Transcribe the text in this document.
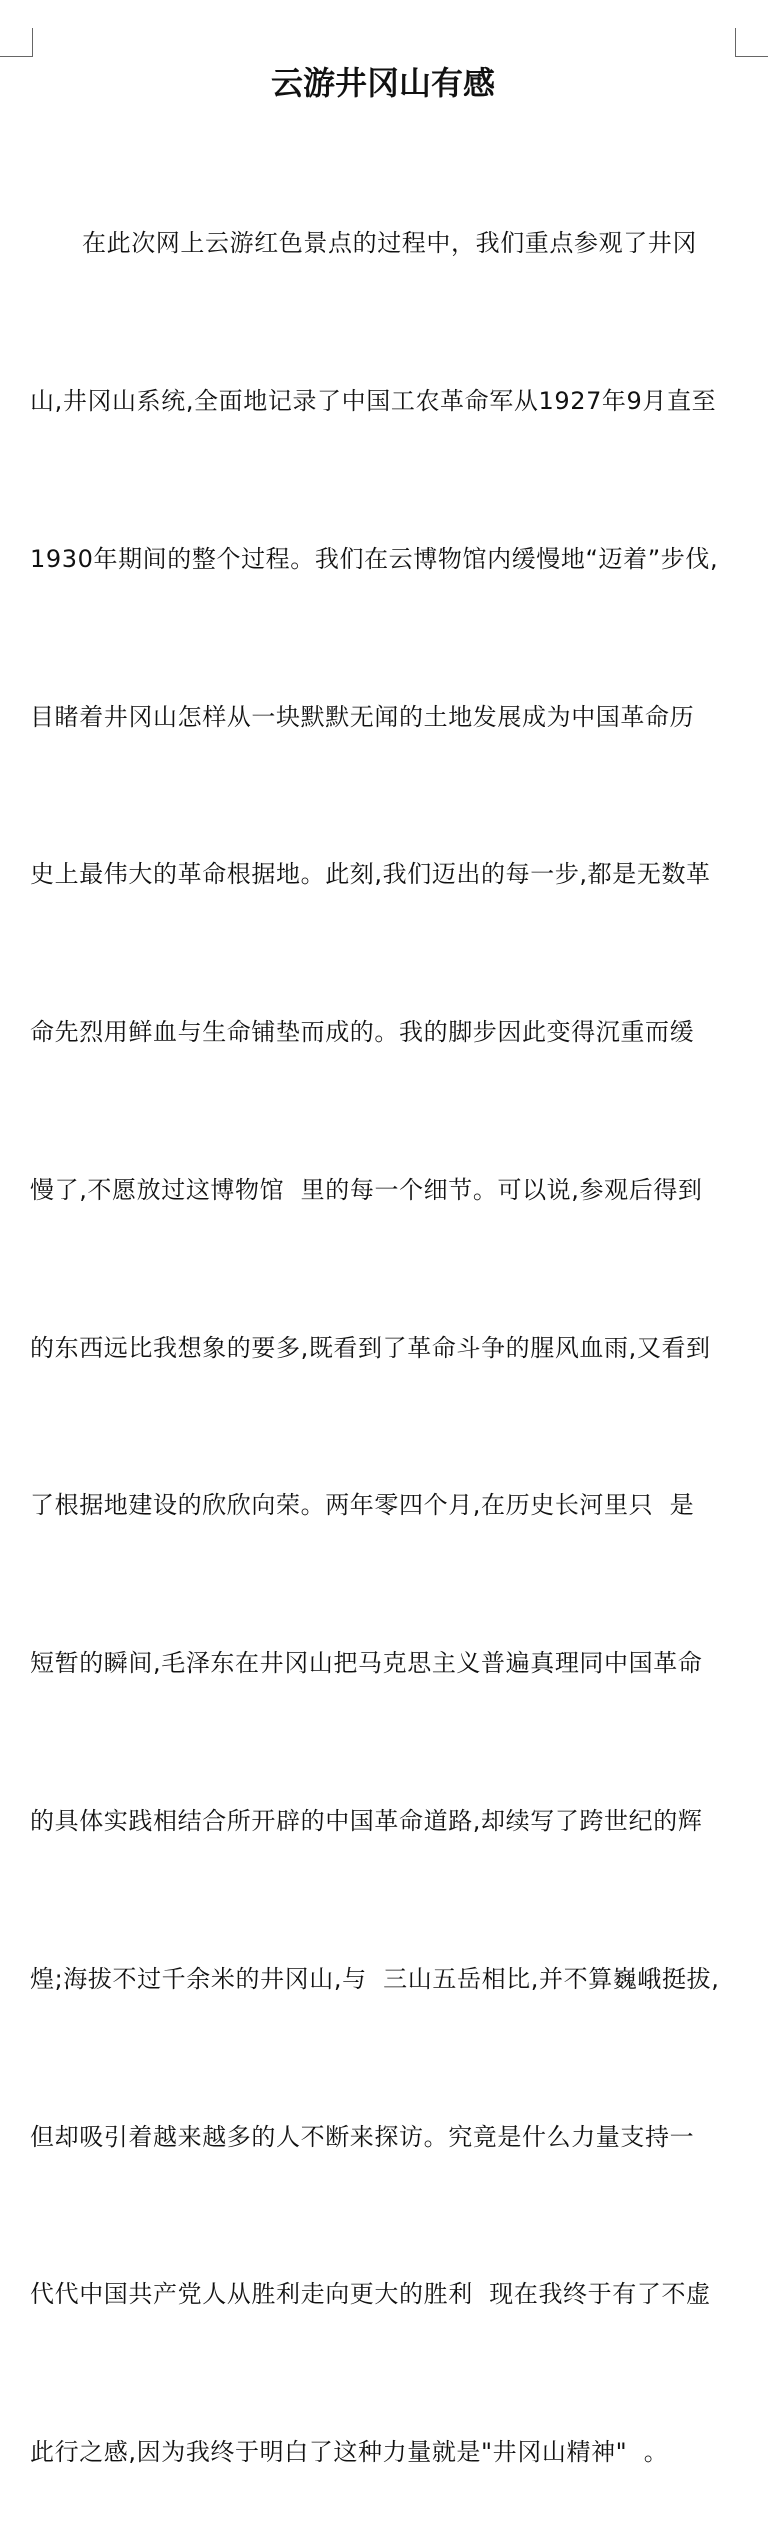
云游井冈山有感

在此次网上云游红色景点的过程中，我们重点参观了井冈

山,井冈山系统,全面地记录了中国工农革命军从1927年9月直至

1930年期间的整个过程。我们在云博物馆内缓慢地“迈着”步伐,

目睹着井冈山怎样从一块默默无闻的土地发展成为中国革命历

史上最伟大的革命根据地。此刻,我们迈出的每一步,都是无数革

命先烈用鲜血与生命铺垫而成的。我的脚步因此变得沉重而缓

慢了,不愿放过这博物馆  里的每一个细节。可以说,参观后得到

的东西远比我想象的要多,既看到了革命斗争的腥风血雨,又看到

了根据地建设的欣欣向荣。两年零四个月,在历史长河里只  是

短暂的瞬间,毛泽东在井冈山把马克思主义普遍真理同中国革命

的具体实践相结合所开辟的中国革命道路,却续写了跨世纪的辉

煌;海拔不过千余米的井冈山,与  三山五岳相比,并不算巍峨挺拔,

但却吸引着越来越多的人不断来探访。究竟是什么力量支持一

代代中国共产党人从胜利走向更大的胜利  现在我终于有了不虚

此行之感,因为我终于明白了这种力量就是"井冈山精神"  。
